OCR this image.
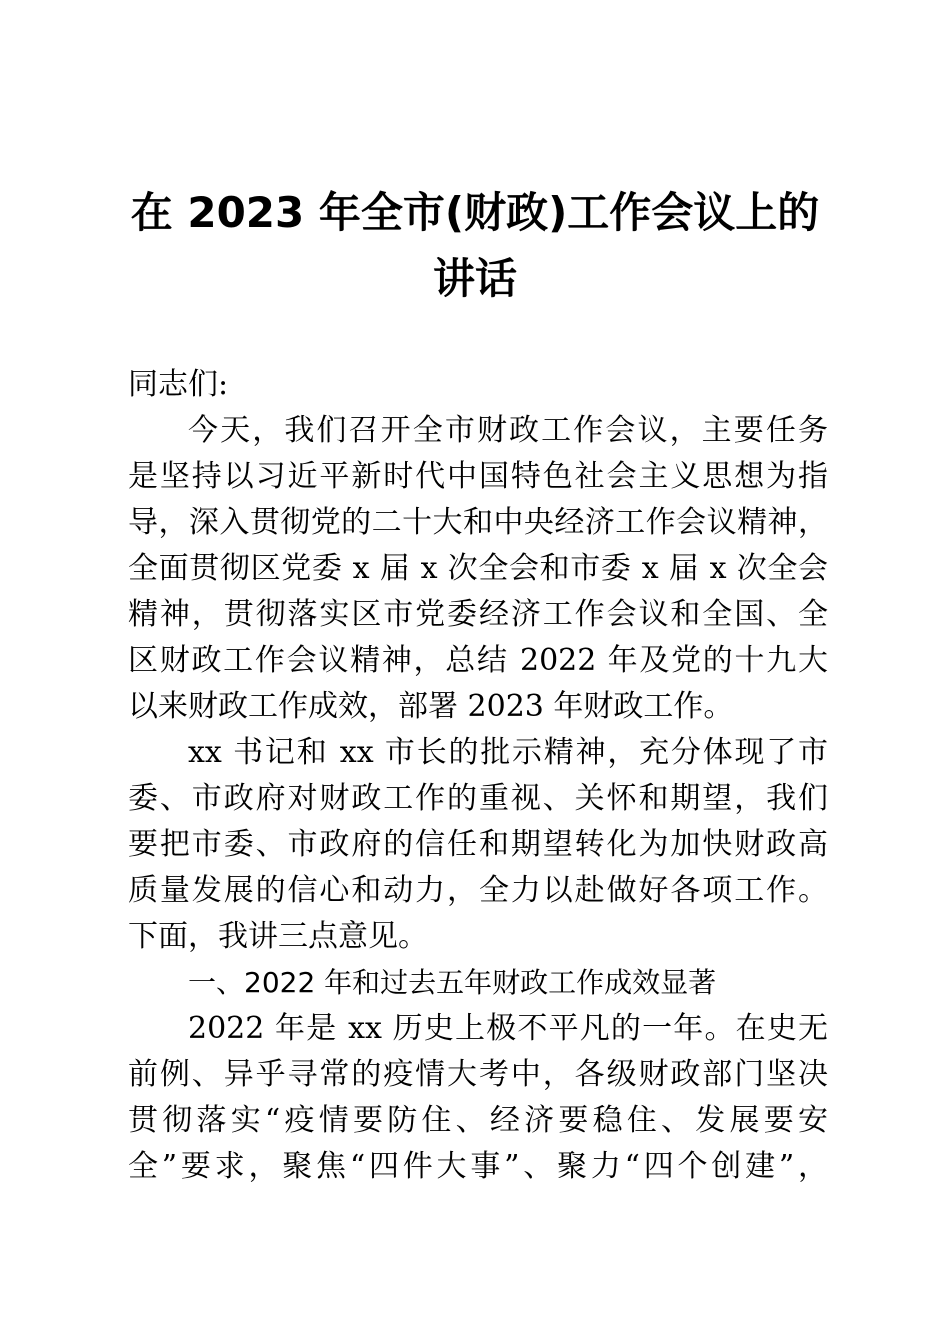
在 2023 年全市(财政)工作会议上的
讲话
同志们:
今天，我们召开全市财政工作会议，主要任务
是坚持以习近平新时代中国特色社会主义思想为指
导，深入贯彻党的二十大和中央经济工作会议精神，
全面贯彻区党委 x 届 x 次全会和市委 x 届 x 次全会
精神，贯彻落实区市党委经济工作会议和全国、全
区财政工作会议精神，总结 2022 年及党的十九大
以来财政工作成效，部署 2023 年财政工作。
xx 书记和 xx 市长的批示精神，充分体现了市
委、市政府对财政工作的重视、关怀和期望，我们
要把市委、市政府的信任和期望转化为加快财政高
质量发展的信心和动力，全力以赴做好各项工作。
下面，我讲三点意见。
一、2022 年和过去五年财政工作成效显著
2022 年是 xx 历史上极不平凡的一年。在史无
前例、异乎寻常的疫情大考中，各级财政部门坚决
贯彻落实“疫情要防住、经济要稳住、发展要安
全”要求，聚焦“四件大事”、聚力“四个创建”，
